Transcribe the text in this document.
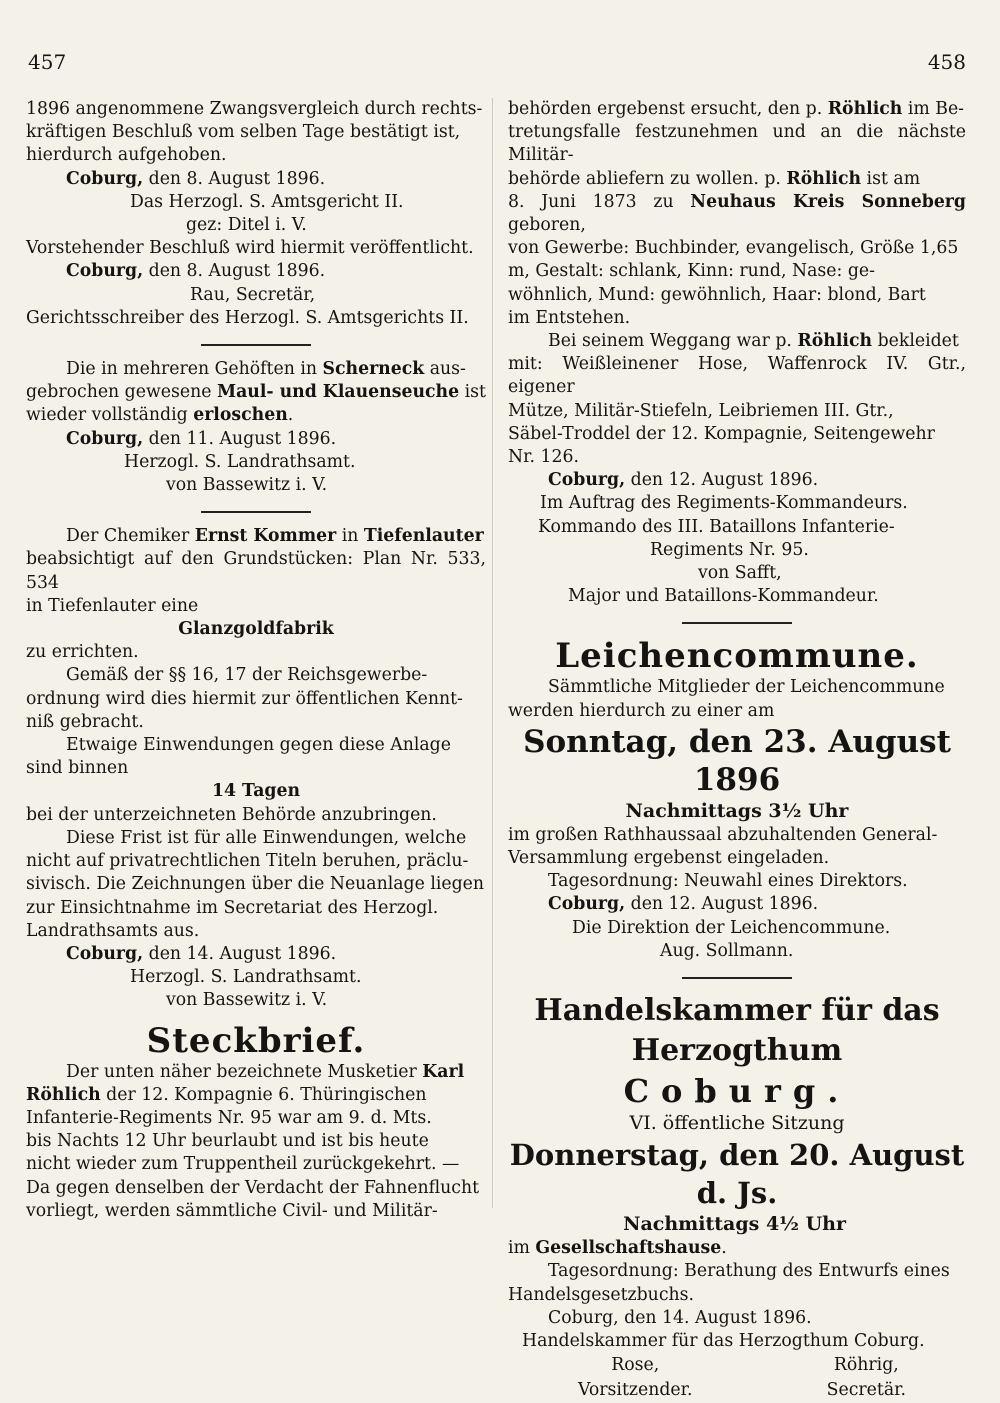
457	458

1896 angenommene Zwangsvergleich durch rechts-

kräftigen Beschluß vom selben Tage bestätigt ist,

hierdurch aufgehoben.

Coburg, den 8. August 1896.

Das Herzogl. S. Amtsgericht II.

gez: Ditel i. V.

Vorstehender Beschluß wird hiermit veröffentlicht.

Coburg, den 8. August 1896.

Rau, Secretär,

Gerichtsschreiber des Herzogl. S. Amtsgerichts II.

Die in mehreren Gehöften in Scherneck aus-

gebrochen gewesene Maul- und Klauenseuche ist

wieder vollständig erloschen.

Coburg, den 11. August 1896.

Herzogl. S. Landrathsamt.

von Bassewitz i. V.

Der Chemiker Ernst Kommer in Tiefenlauter

beabsichtigt auf den Grundstücken: Plan Nr. 533, 534

in Tiefenlauter eine

Glanzgoldfabrik

zu errichten.

Gemäß der §§ 16, 17 der Reichsgewerbe-

ordnung wird dies hiermit zur öffentlichen Kennt-

niß gebracht.

Etwaige Einwendungen gegen diese Anlage

sind binnen

14 Tagen

bei der unterzeichneten Behörde anzubringen.

Diese Frist ist für alle Einwendungen, welche

nicht auf privatrechtlichen Titeln beruhen, präclu-

sivisch. Die Zeichnungen über die Neuanlage liegen

zur Einsichtnahme im Secretariat des Herzogl.

Landrathsamts aus.

Coburg, den 14. August 1896.

Herzogl. S. Landrathsamt.

von Bassewitz i. V.

Steckbrief.

Der unten näher bezeichnete Musketier Karl

Röhlich der 12. Kompagnie 6. Thüringischen

Infanterie-Regiments Nr. 95 war am 9. d. Mts.

bis Nachts 12 Uhr beurlaubt und ist bis heute

nicht wieder zum Truppentheil zurückgekehrt. —

Da gegen denselben der Verdacht der Fahnenflucht

vorliegt, werden sämmtliche Civil- und Militär-

behörden ergebenst ersucht, den p. Röhlich im Be-

tretungsfalle festzunehmen und an die nächste Militär-

behörde abliefern zu wollen. p. Röhlich ist am

8. Juni 1873 zu Neuhaus Kreis Sonneberg geboren,

von Gewerbe: Buchbinder, evangelisch, Größe 1,65

m, Gestalt: schlank, Kinn: rund, Nase: ge-

wöhnlich, Mund: gewöhnlich, Haar: blond, Bart

im Entstehen.

Bei seinem Weggang war p. Röhlich bekleidet

mit: Weißleinener Hose, Waffenrock IV. Gtr., eigener

Mütze, Militär-Stiefeln, Leibriemen III. Gtr.,

Säbel-Troddel der 12. Kompagnie, Seitengewehr

Nr. 126.

Coburg, den 12. August 1896.

Im Auftrag des Regiments-Kommandeurs.

Kommando des III. Bataillons Infanterie-

Regiments Nr. 95.

von Safft,

Major und Bataillons-Kommandeur.

Leichencommune.

Sämmtliche Mitglieder der Leichencommune

werden hierdurch zu einer am

Sonntag, den 23. August 1896
Nachmittags 3½ Uhr

im großen Rathhaussaal abzuhaltenden General-

Versammlung ergebenst eingeladen.

Tagesordnung: Neuwahl eines Direktors.

Coburg, den 12. August 1896.

Die Direktion der Leichencommune.

Aug. Sollmann.

Handelskammer für das Herzogthum
Coburg.
VI. öffentliche Sitzung
Donnerstag, den 20. August d. Js.
Nachmittags 4½ Uhr

im Gesellschaftshause.

Tagesordnung: Berathung des Entwurfs eines

Handelsgesetzbuchs.

Coburg, den 14. August 1896.

Handelskammer für das Herzogthum Coburg.

Rose,
Vorsitzender.
Röhrig,
Secretär.
